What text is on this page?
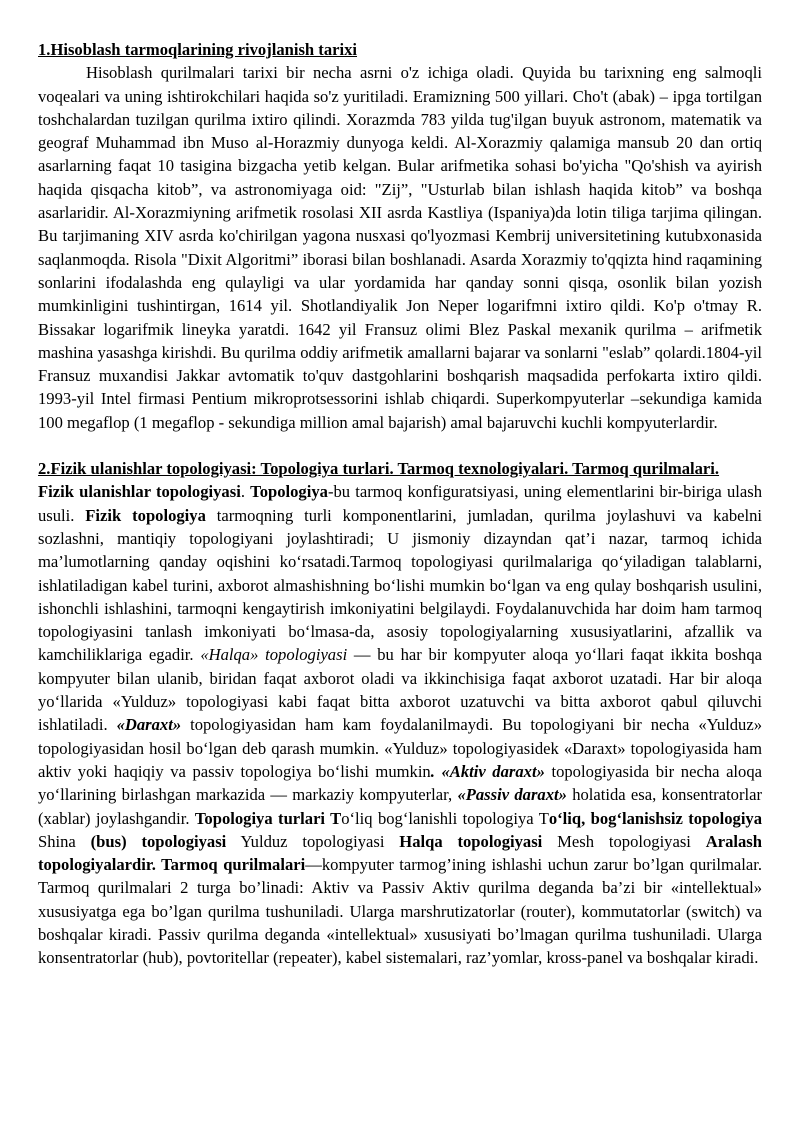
1.Hisoblash tarmoqlarining rivojlanish tarixi

Hisoblash qurilmalari tarixi bir necha asrni o'z ichiga oladi. Quyida bu tarixning eng salmoqli voqealari va uning ishtirokchilari haqida so'z yuritiladi. Eramizning 500 yillari. Cho't (abak) – ipga tortilgan toshchalardan tuzilgan qurilma ixtiro qilindi. Xorazmda 783 yilda tug'ilgan buyuk astronom, matematik va geograf Muhammad ibn Muso al-Horazmiy dunyoga keldi. Al-Xorazmiy qalamiga mansub 20 dan ortiq asarlarning faqat 10 tasigina bizgacha yetib kelgan. Bular arifmetika sohasi bo'yicha "Qo'shish va ayirish haqida qisqacha kitob”, va astronomiyaga oid: "Zij”, "Usturlab bilan ishlash haqida kitob” va boshqa asarlaridir. Al-Xorazmiyning arifmetik rosolasi XII asrda Kastliya (Ispaniya)da lotin tiliga tarjima qilingan. Bu tarjimaning XIV asrda ko'chirilgan yagona nusxasi qo'lyozmasi Kembrij universitetining kutubxonasida saqlanmoqda. Risola "Dixit Algoritmi” iborasi bilan boshlanadi. Asarda Xorazmiy to'qqizta hind raqamining sonlarini ifodalashda eng qulayligi va ular yordamida har qanday sonni qisqa, osonlik bilan yozish mumkinligini tushintirgan, 1614 yil. Shotlandiyalik Jon Neper logarifmni ixtiro qildi. Ko'p o'tmay R. Bissakar logarifmik lineyka yaratdi. 1642 yil Fransuz olimi Blez Paskal mexanik qurilma – arifmetik mashina yasashga kirishdi. Bu qurilma oddiy arifmetik amallarni bajarar va sonlarni "eslab” qolardi.1804-yil Fransuz muxandisi Jakkar avtomatik to'quv dastgohlarini boshqarish maqsadida perfokarta ixtiro qildi. 1993-yil Intel firmasi Pentium mikroprotsessorini ishlab chiqardi. Superkompyuterlar –sekundiga kamida 100 megaflop (1 megaflop - sekundiga million amal bajarish) amal bajaruvchi kuchli kompyuterlardir.

2.Fizik ulanishlar topologiyasi: Topologiya turlari. Tarmoq texnologiyalari. Tarmoq qurilmalari.

Fizik ulanishlar topologiyasi. Topologiya-bu tarmoq konfiguratsiyasi, uning elementlarini bir-biriga ulash usuli. Fizik topologiya tarmoqning turli komponentlarini, jumladan, qurilma joylashuvi va kabelni sozlashni, mantiqiy topologiyani joylashtiradi; U jismoniy dizayndan qat’i nazar, tarmoq ichida ma’lumotlarning qanday oqishini ko‘rsatadi.Tarmoq topologiyasi qurilmalariga qo‘yiladigan talablarni, ishlatiladigan kabel turini, axborot almashishning bo‘lishi mumkin bo‘lgan va eng qulay boshqarish usulini, ishonchli ishlashini, tarmoqni kengaytirish imkoniyatini belgilaydi. Foydalanuvchida har doim ham tarmoq topologiyasini tanlash imkoniyati bo‘lmasa-da, asosiy topologiyalarning xususiyatlarini, afzallik va kamchiliklariga egadir. «Halqa» topologiyasi — bu har bir kompyuter aloqa yo‘llari faqat ikkita boshqa kompyuter bilan ulanib, biridan faqat axborot oladi va ikkinchisiga faqat axborot uzatadi. Har bir aloqa yo‘llarida «Yulduz» topologiyasi kabi faqat bitta axborot uzatuvchi va bitta axborot qabul qiluvchi ishlatiladi. «Daraxt» topologiyasidan ham kam foydalanilmaydi. Bu topologiyani bir necha «Yulduz» topologiyasidan hosil bo‘lgan deb qarash mumkin. «Yulduz» topologiyasidek «Daraxt» topologiyasida ham aktiv yoki haqiqiy va passiv topologiya bo‘lishi mumkin. «Aktiv daraxt» topologiyasida bir necha aloqa yo‘llarining birlashgan markazida — markaziy kompyuterlar, «Passiv daraxt» holatida esa, konsentratorlar (xablar) joylashgandir. Topologiya turlari To‘liq bog‘lanishli topologiya To‘liq, bog‘lanishsiz topologiya Shina (bus) topologiyasi Yulduz topologiyasi Halqa topologiyasi Mesh topologiyasi Aralash topologiyalardir. Tarmoq qurilmalari—kompyuter tarmog’ining ishlashi uchun zarur bo’lgan qurilmalar. Tarmoq qurilmalari 2 turga bo’linadi: Aktiv va Passiv Aktiv qurilma deganda ba’zi bir «intellektual» xususiyatga ega bo’lgan qurilma tushuniladi. Ularga marshrutizatorlar (router), kommutatorlar (switch) va boshqalar kiradi. Passiv qurilma deganda «intellektual» xususiyati bo’lmagan qurilma tushuniladi. Ularga konsentratorlar (hub), povtoritellar (repeater), kabel sistemalari, raz’yomlar, kross-panel va boshqalar kiradi.
